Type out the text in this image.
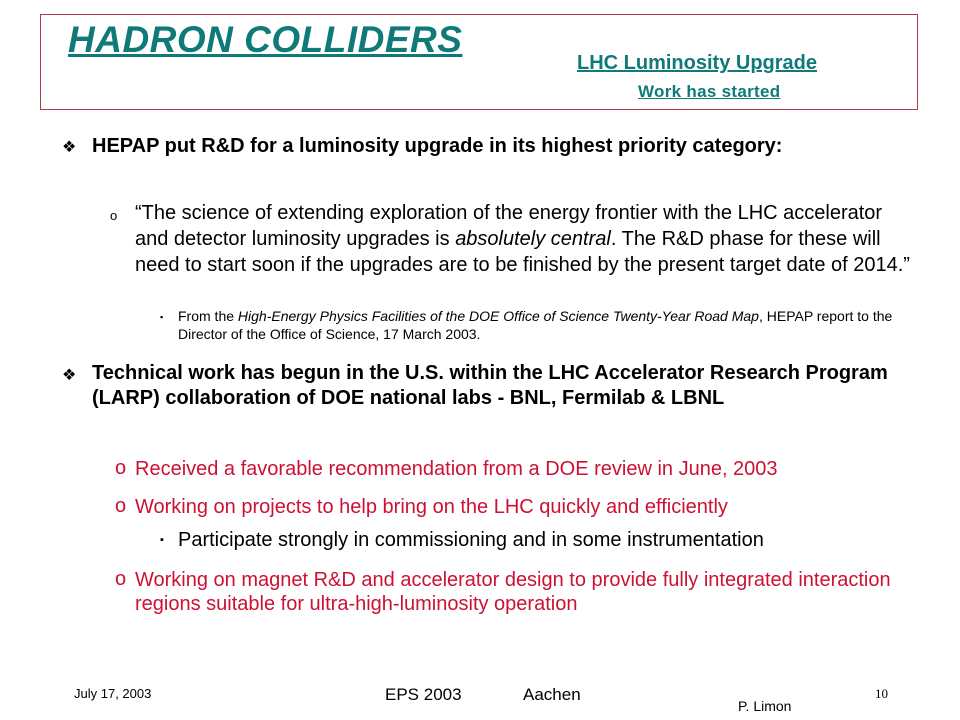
HADRON COLLIDERS
LHC Luminosity Upgrade
Work has started
❖ HEPAP put R&D for a luminosity upgrade in its highest priority category:
o “The science of extending exploration of the energy frontier with the LHC accelerator and detector luminosity upgrades is absolutely central. The R&D phase for these will need to start soon if the upgrades are to be finished by the present target date of 2014.”
▪ From the High-Energy Physics Facilities of the DOE Office of Science Twenty-Year Road Map, HEPAP report to the Director of the Office of Science, 17 March 2003.
❖ Technical work has begun in the U.S. within the LHC Accelerator Research Program (LARP) collaboration of DOE national labs - BNL, Fermilab & LBNL
o Received a favorable recommendation from a DOE review in June, 2003
o Working on projects to help bring on the LHC quickly and efficiently
▪ Participate strongly in commissioning and in some instrumentation
o Working on magnet R&D and accelerator design to provide fully integrated interaction regions suitable for ultra-high-luminosity operation
July 17, 2003	EPS 2003	Aachen	10
P. Limon
